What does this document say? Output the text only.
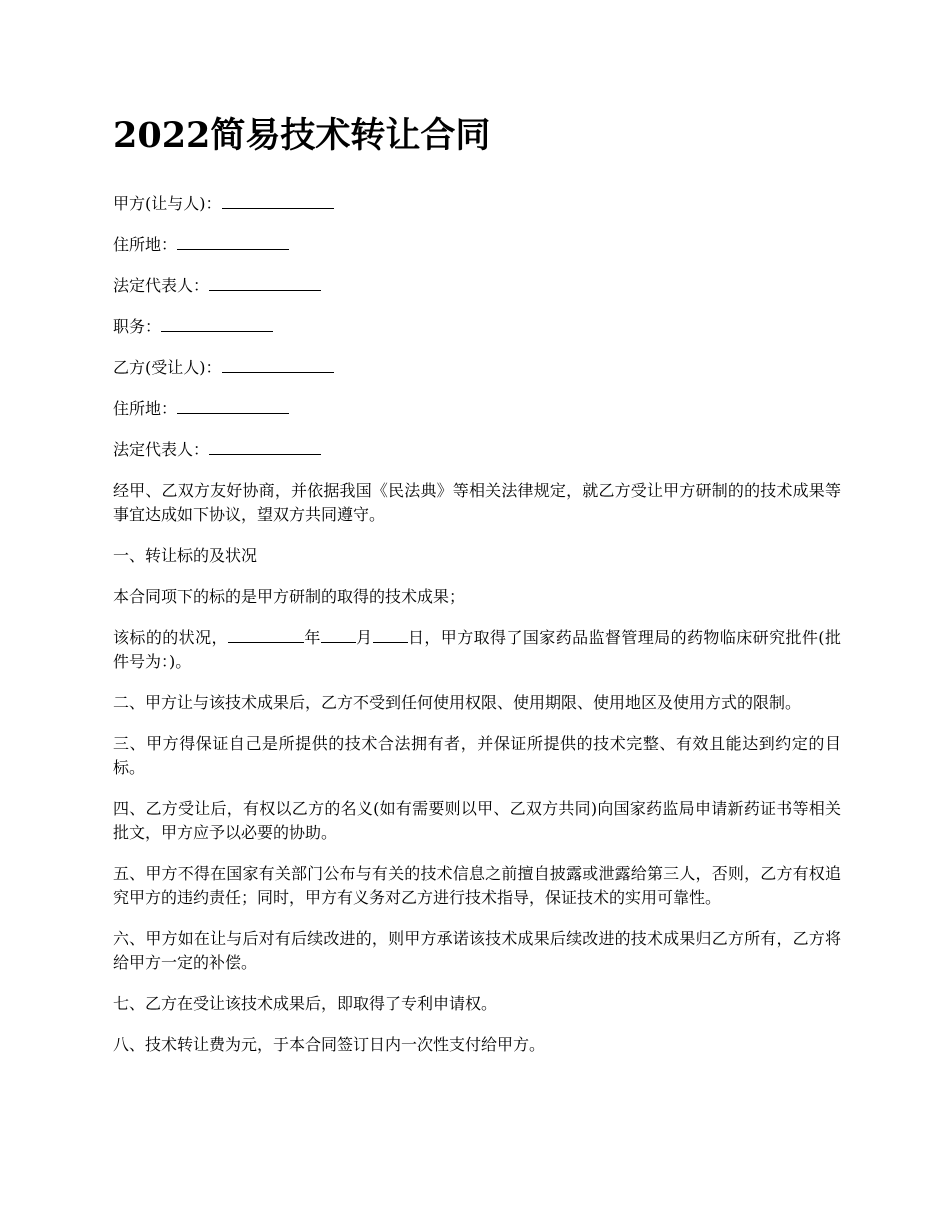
2022简易技术转让合同
甲方(让与人)：
住所地：
法定代表人：
职务：
乙方(受让人)：
住所地：
法定代表人：

经甲、乙双方友好协商，并依据我国《民法典》等相关法律规定，就乙方受让甲方研制的的技术成果等事宜达成如下协议，望双方共同遵守。

一、转让标的及状况

本合同项下的标的是甲方研制的取得的技术成果；

该标的的状况，	年 月 日，甲方取得了国家药品监督管理局的药物临床研究批件(批件号为：)。

二、甲方让与该技术成果后，乙方不受到任何使用权限、使用期限、使用地区及使用方式的限制。

三、甲方得保证自己是所提供的技术合法拥有者，并保证所提供的技术完整、有效且能达到约定的目标。

四、乙方受让后，有权以乙方的名义(如有需要则以甲、乙双方共同)向国家药监局申请新药证书等相关批文，甲方应予以必要的协助。

五、甲方不得在国家有关部门公布与有关的技术信息之前擅自披露或泄露给第三人，否则，乙方有权追究甲方的违约责任；同时，甲方有义务对乙方进行技术指导，保证技术的实用可靠性。

六、甲方如在让与后对有后续改进的，则甲方承诺该技术成果后续改进的技术成果归乙方所有，乙方将给甲方一定的补偿。

七、乙方在受让该技术成果后，即取得了专利申请权。

八、技术转让费为元，于本合同签订日内一次性支付给甲方。
